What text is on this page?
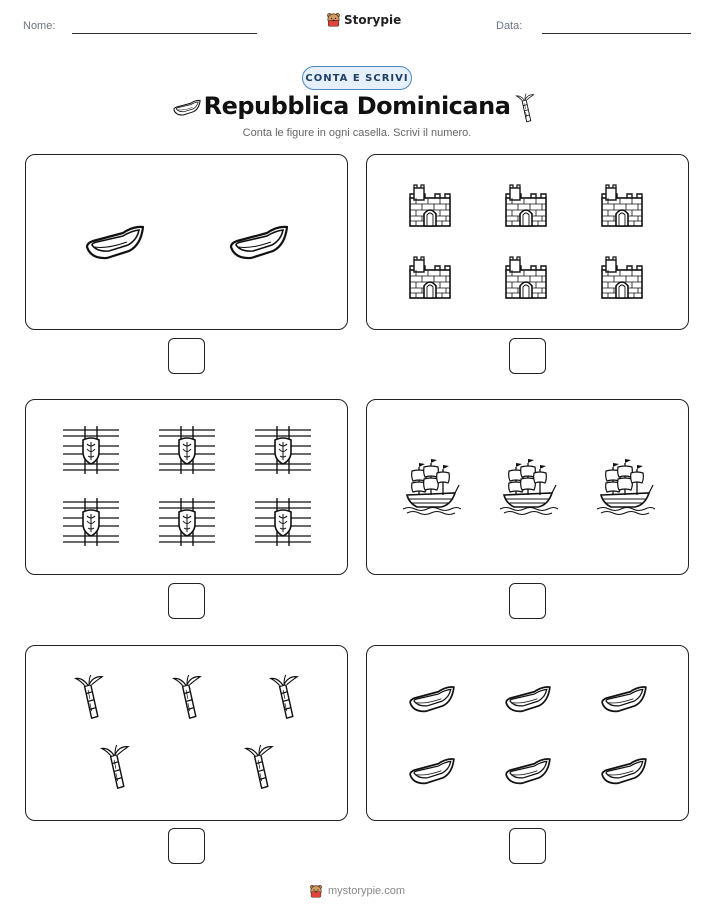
Nome:	Storypie	Data:
CONTA E SCRIVI
Repubblica Dominicana
Conta le figure in ogni casella. Scrivi il numero.
mystorypie.com
